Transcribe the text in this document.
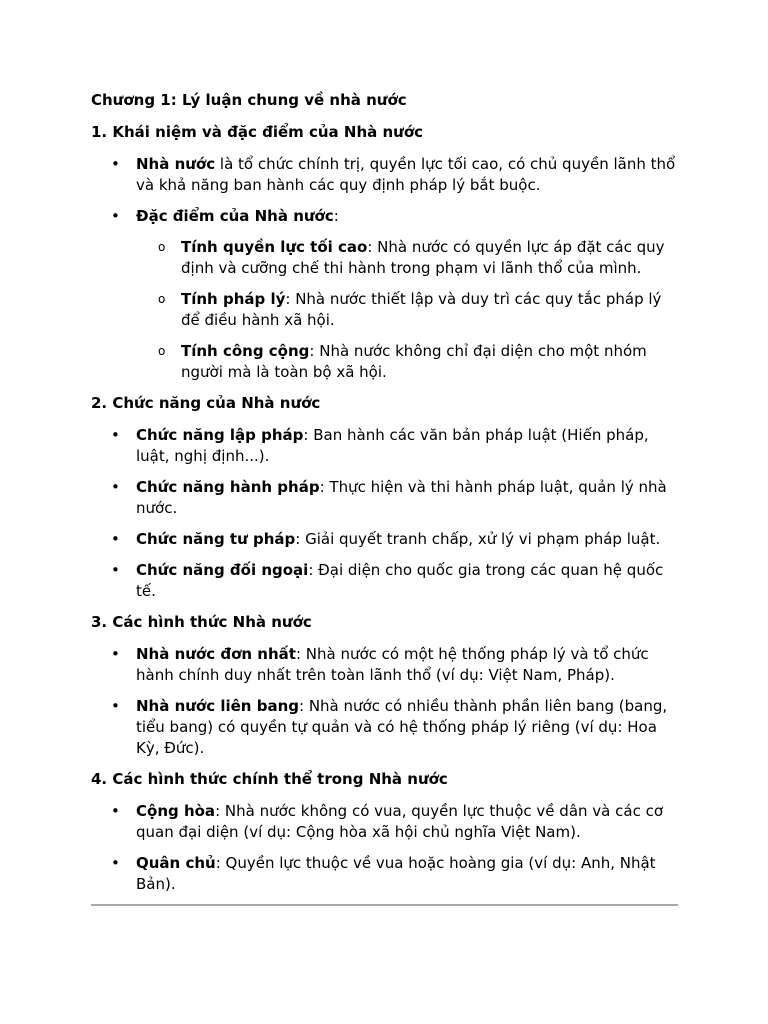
Chương 1: Lý luận chung về nhà nước

1. Khái niệm và đặc điểm của Nhà nước

• Nhà nước là tổ chức chính trị, quyền lực tối cao, có chủ quyền lãnh thổ và khả năng ban hành các quy định pháp lý bắt buộc.
• Đặc điểm của Nhà nước:
o Tính quyền lực tối cao: Nhà nước có quyền lực áp đặt các quy định và cưỡng chế thi hành trong phạm vi lãnh thổ của mình.
o Tính pháp lý: Nhà nước thiết lập và duy trì các quy tắc pháp lý để điều hành xã hội.
o Tính công cộng: Nhà nước không chỉ đại diện cho một nhóm người mà là toàn bộ xã hội.

2. Chức năng của Nhà nước

• Chức năng lập pháp: Ban hành các văn bản pháp luật (Hiến pháp, luật, nghị định...).
• Chức năng hành pháp: Thực hiện và thi hành pháp luật, quản lý nhà nước.
• Chức năng tư pháp: Giải quyết tranh chấp, xử lý vi phạm pháp luật.
• Chức năng đối ngoại: Đại diện cho quốc gia trong các quan hệ quốc tế.

3. Các hình thức Nhà nước

• Nhà nước đơn nhất: Nhà nước có một hệ thống pháp lý và tổ chức hành chính duy nhất trên toàn lãnh thổ (ví dụ: Việt Nam, Pháp).
• Nhà nước liên bang: Nhà nước có nhiều thành phần liên bang (bang, tiểu bang) có quyền tự quản và có hệ thống pháp lý riêng (ví dụ: Hoa Kỳ, Đức).

4. Các hình thức chính thể trong Nhà nước

• Cộng hòa: Nhà nước không có vua, quyền lực thuộc về dân và các cơ quan đại diện (ví dụ: Cộng hòa xã hội chủ nghĩa Việt Nam).
• Quân chủ: Quyền lực thuộc về vua hoặc hoàng gia (ví dụ: Anh, Nhật Bản).
